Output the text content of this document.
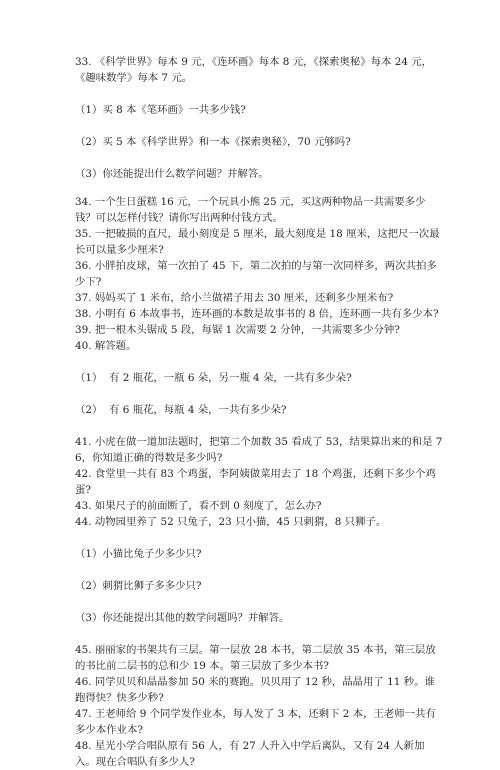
33. 《科学世界》每本 9 元，《连环画》每本 8 元，《探索奥秘》每本 24 元，《趣味数学》每本 7 元。

（1）买 8 本《笔环画》一共多少钱?

（2）买 5 本《科学世界》和一本《探索奥秘》，70 元够吗?

（3）你还能提出什么数学问题？并解答。

34. 一个生日蛋糕 16 元，一个玩具小熊 25 元，买这两种物品一共需要多少钱？可以怎样付钱？请你写出两种付钱方式。

35. 一把破损的直尺，最小刻度是 5 厘米，最大刻度是 18 厘米，这把尺一次最长可以量多少厘米?

36. 小胖拍皮球，第一次拍了 45 下，第二次拍的与第一次同样多，两次共拍多少下?

37. 妈妈买了 1 米布，给小兰做裙子用去 30 厘米，还剩多少厘米布?

38. 小明有 6 本故事书，连环画的本数是故事书的 8 倍，连环画一共有多少本?

39. 把一根木头锯成 5 段，每锯 1 次需要 2 分钟，一共需要多少分钟?

40. 解答题。

（1）  有 2 瓶花，一瓶 6 朵，另一瓶 4 朵，一共有多少朵?

（2）  有 6 瓶花，每瓶 4 朵，一共有多少朵?

41. 小虎在做一道加法题时，把第二个加数 35 看成了 53，结果算出来的和是 76，你知道正确的得数是多少吗?

42. 食堂里一共有 83 个鸡蛋，李阿姨做菜用去了 18 个鸡蛋，还剩下多少个鸡蛋?

43. 如果尺子的前面断了，看不到 0 刻度了，怎么办?

44. 动物园里养了 52 只兔子，23 只小猫，45 只刺猬，8 只狮子。

（1）小猫比兔子少多少只?

（2）刺猬比狮子多多少只?

（3）你还能提出其他的数学问题吗？并解答。

45. 丽丽家的书架共有三层。第一层放 28 本书，第二层放 35 本书，第三层放的书比前二层书的总和少 19 本。第三层放了多少本书?

46. 同学贝贝和晶晶参加 50 米的赛跑。贝贝用了 12 秒，晶晶用了 11 秒。谁跑得快？快多少秒?

47. 王老师给 9 个同学发作业本，每人发了 3 本，还剩下 2 本，王老师一共有多少本作业本?

48. 星光小学合唱队原有 56 人，有 27 人升入中学后离队，又有 24 人新加入。现在合唱队有多少人?
